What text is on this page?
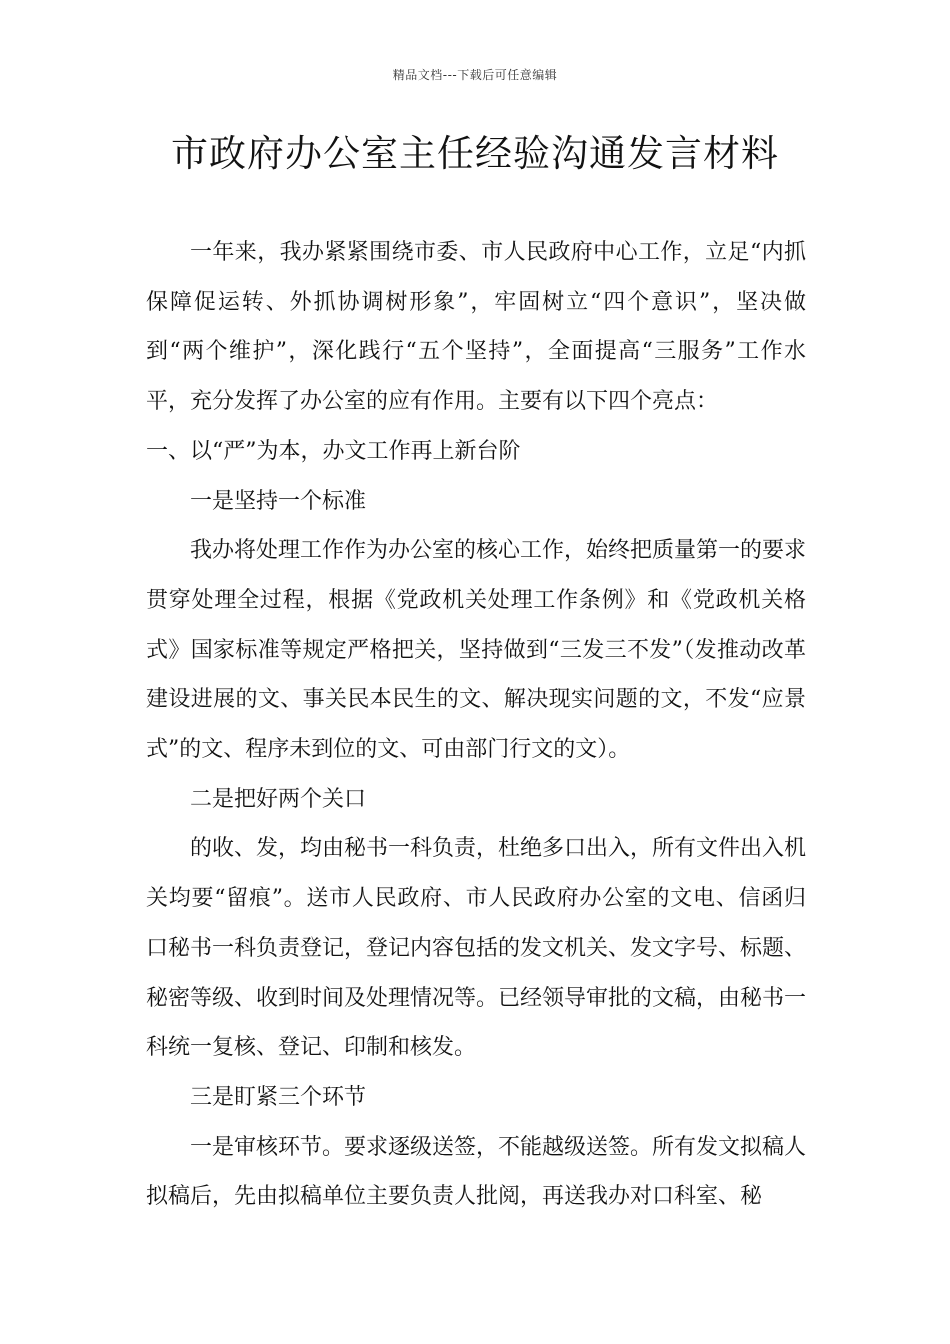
精品文档---下载后可任意编辑
市政府办公室主任经验沟通发言材料

一年来，我办紧紧围绕市委、市人民政府中心工作，立足“内抓保障促运转、外抓协调树形象”，牢固树立“四个意识”，坚决做到“两个维护”，深化践行“五个坚持”，全面提高“三服务”工作水平，充分发挥了办公室的应有作用。主要有以下四个亮点：

一、以“严”为本，办文工作再上新台阶

一是坚持一个标准

我办将处理工作作为办公室的核心工作，始终把质量第一的要求贯穿处理全过程，根据《党政机关处理工作条例》和《党政机关格式》国家标准等规定严格把关，坚持做到“三发三不发”（发推动改革建设进展的文、事关民本民生的文、解决现实问题的文，不发“应景式”的文、程序未到位的文、可由部门行文的文）。

二是把好两个关口

的收、发，均由秘书一科负责，杜绝多口出入，所有文件出入机关均要“留痕”。送市人民政府、市人民政府办公室的文电、信函归口秘书一科负责登记，登记内容包括的发文机关、发文字号、标题、秘密等级、收到时间及处理情况等。已经领导审批的文稿，由秘书一科统一复核、登记、印制和核发。

三是盯紧三个环节

一是审核环节。要求逐级送签，不能越级送签。所有发文拟稿人拟稿后，先由拟稿单位主要负责人批阅，再送我办对口科室、秘
